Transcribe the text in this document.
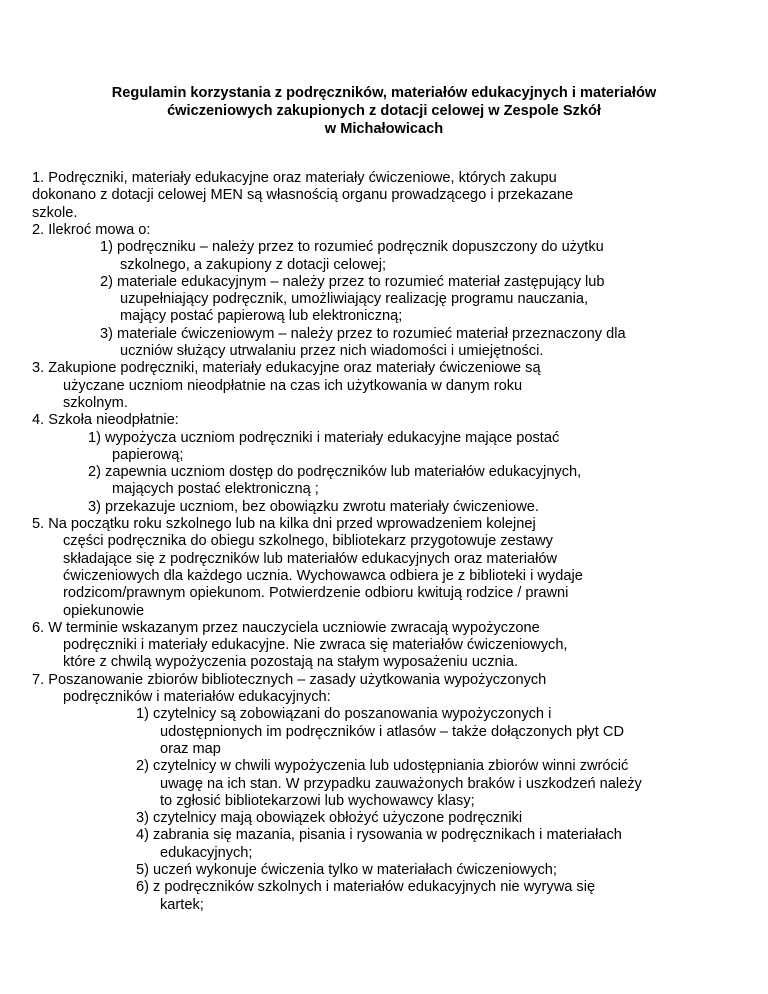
Regulamin korzystania z podręczników, materiałów edukacyjnych i materiałów
ćwiczeniowych zakupionych z dotacji celowej w Zespole Szkół
w Michałowicach
1. Podręczniki, materiały edukacyjne oraz materiały ćwiczeniowe, których zakupu
dokonano z dotacji celowej MEN są własnością organu prowadzącego i przekazane
szkole.
2. Ilekroć mowa o:
1) podręczniku – należy przez to rozumieć podręcznik dopuszczony do użytku
szkolnego, a zakupiony z dotacji celowej;
2) materiale edukacyjnym – należy przez to rozumieć materiał zastępujący lub
uzupełniający podręcznik, umożliwiający realizację programu nauczania,
mający postać papierową lub elektroniczną;
3) materiale ćwiczeniowym – należy przez to rozumieć materiał przeznaczony dla
uczniów służący utrwalaniu przez nich wiadomości i umiejętności.
3. Zakupione podręczniki, materiały edukacyjne oraz materiały ćwiczeniowe są
użyczane uczniom nieodpłatnie na czas ich użytkowania w danym roku
szkolnym.
4. Szkoła nieodpłatnie:
1) wypożycza uczniom podręczniki i materiały edukacyjne mające postać
papierową;
2) zapewnia uczniom dostęp do podręczników lub materiałów edukacyjnych,
mających postać elektroniczną ;
3) przekazuje uczniom, bez obowiązku zwrotu materiały ćwiczeniowe.
5. Na początku roku szkolnego lub na kilka dni przed wprowadzeniem kolejnej
części podręcznika do obiegu szkolnego, bibliotekarz przygotowuje zestawy
składające się z podręczników lub materiałów edukacyjnych oraz materiałów
ćwiczeniowych dla każdego ucznia. Wychowawca odbiera je z biblioteki i wydaje
rodzicom/prawnym opiekunom. Potwierdzenie odbioru kwitują rodzice / prawni
opiekunowie
6. W terminie wskazanym przez nauczyciela uczniowie zwracają wypożyczone
podręczniki i materiały edukacyjne. Nie zwraca się materiałów ćwiczeniowych,
które z chwilą wypożyczenia pozostają na stałym wyposażeniu ucznia.
7. Poszanowanie zbiorów bibliotecznych – zasady użytkowania wypożyczonych
podręczników i materiałów edukacyjnych:
1) czytelnicy są zobowiązani do poszanowania wypożyczonych i
udostępnionych im podręczników i atlasów – także dołączonych płyt CD
oraz map
2) czytelnicy w chwili wypożyczenia lub udostępniania zbiorów winni zwrócić
uwagę na ich stan. W przypadku zauważonych braków i uszkodzeń należy
to zgłosić bibliotekarzowi lub wychowawcy klasy;
3) czytelnicy mają obowiązek obłożyć użyczone podręczniki
4) zabrania się mazania, pisania i rysowania w podręcznikach i materiałach
edukacyjnych;
5) uczeń wykonuje ćwiczenia tylko w materiałach ćwiczeniowych;
6) z podręczników szkolnych i materiałów edukacyjnych nie wyrywa się
kartek;
